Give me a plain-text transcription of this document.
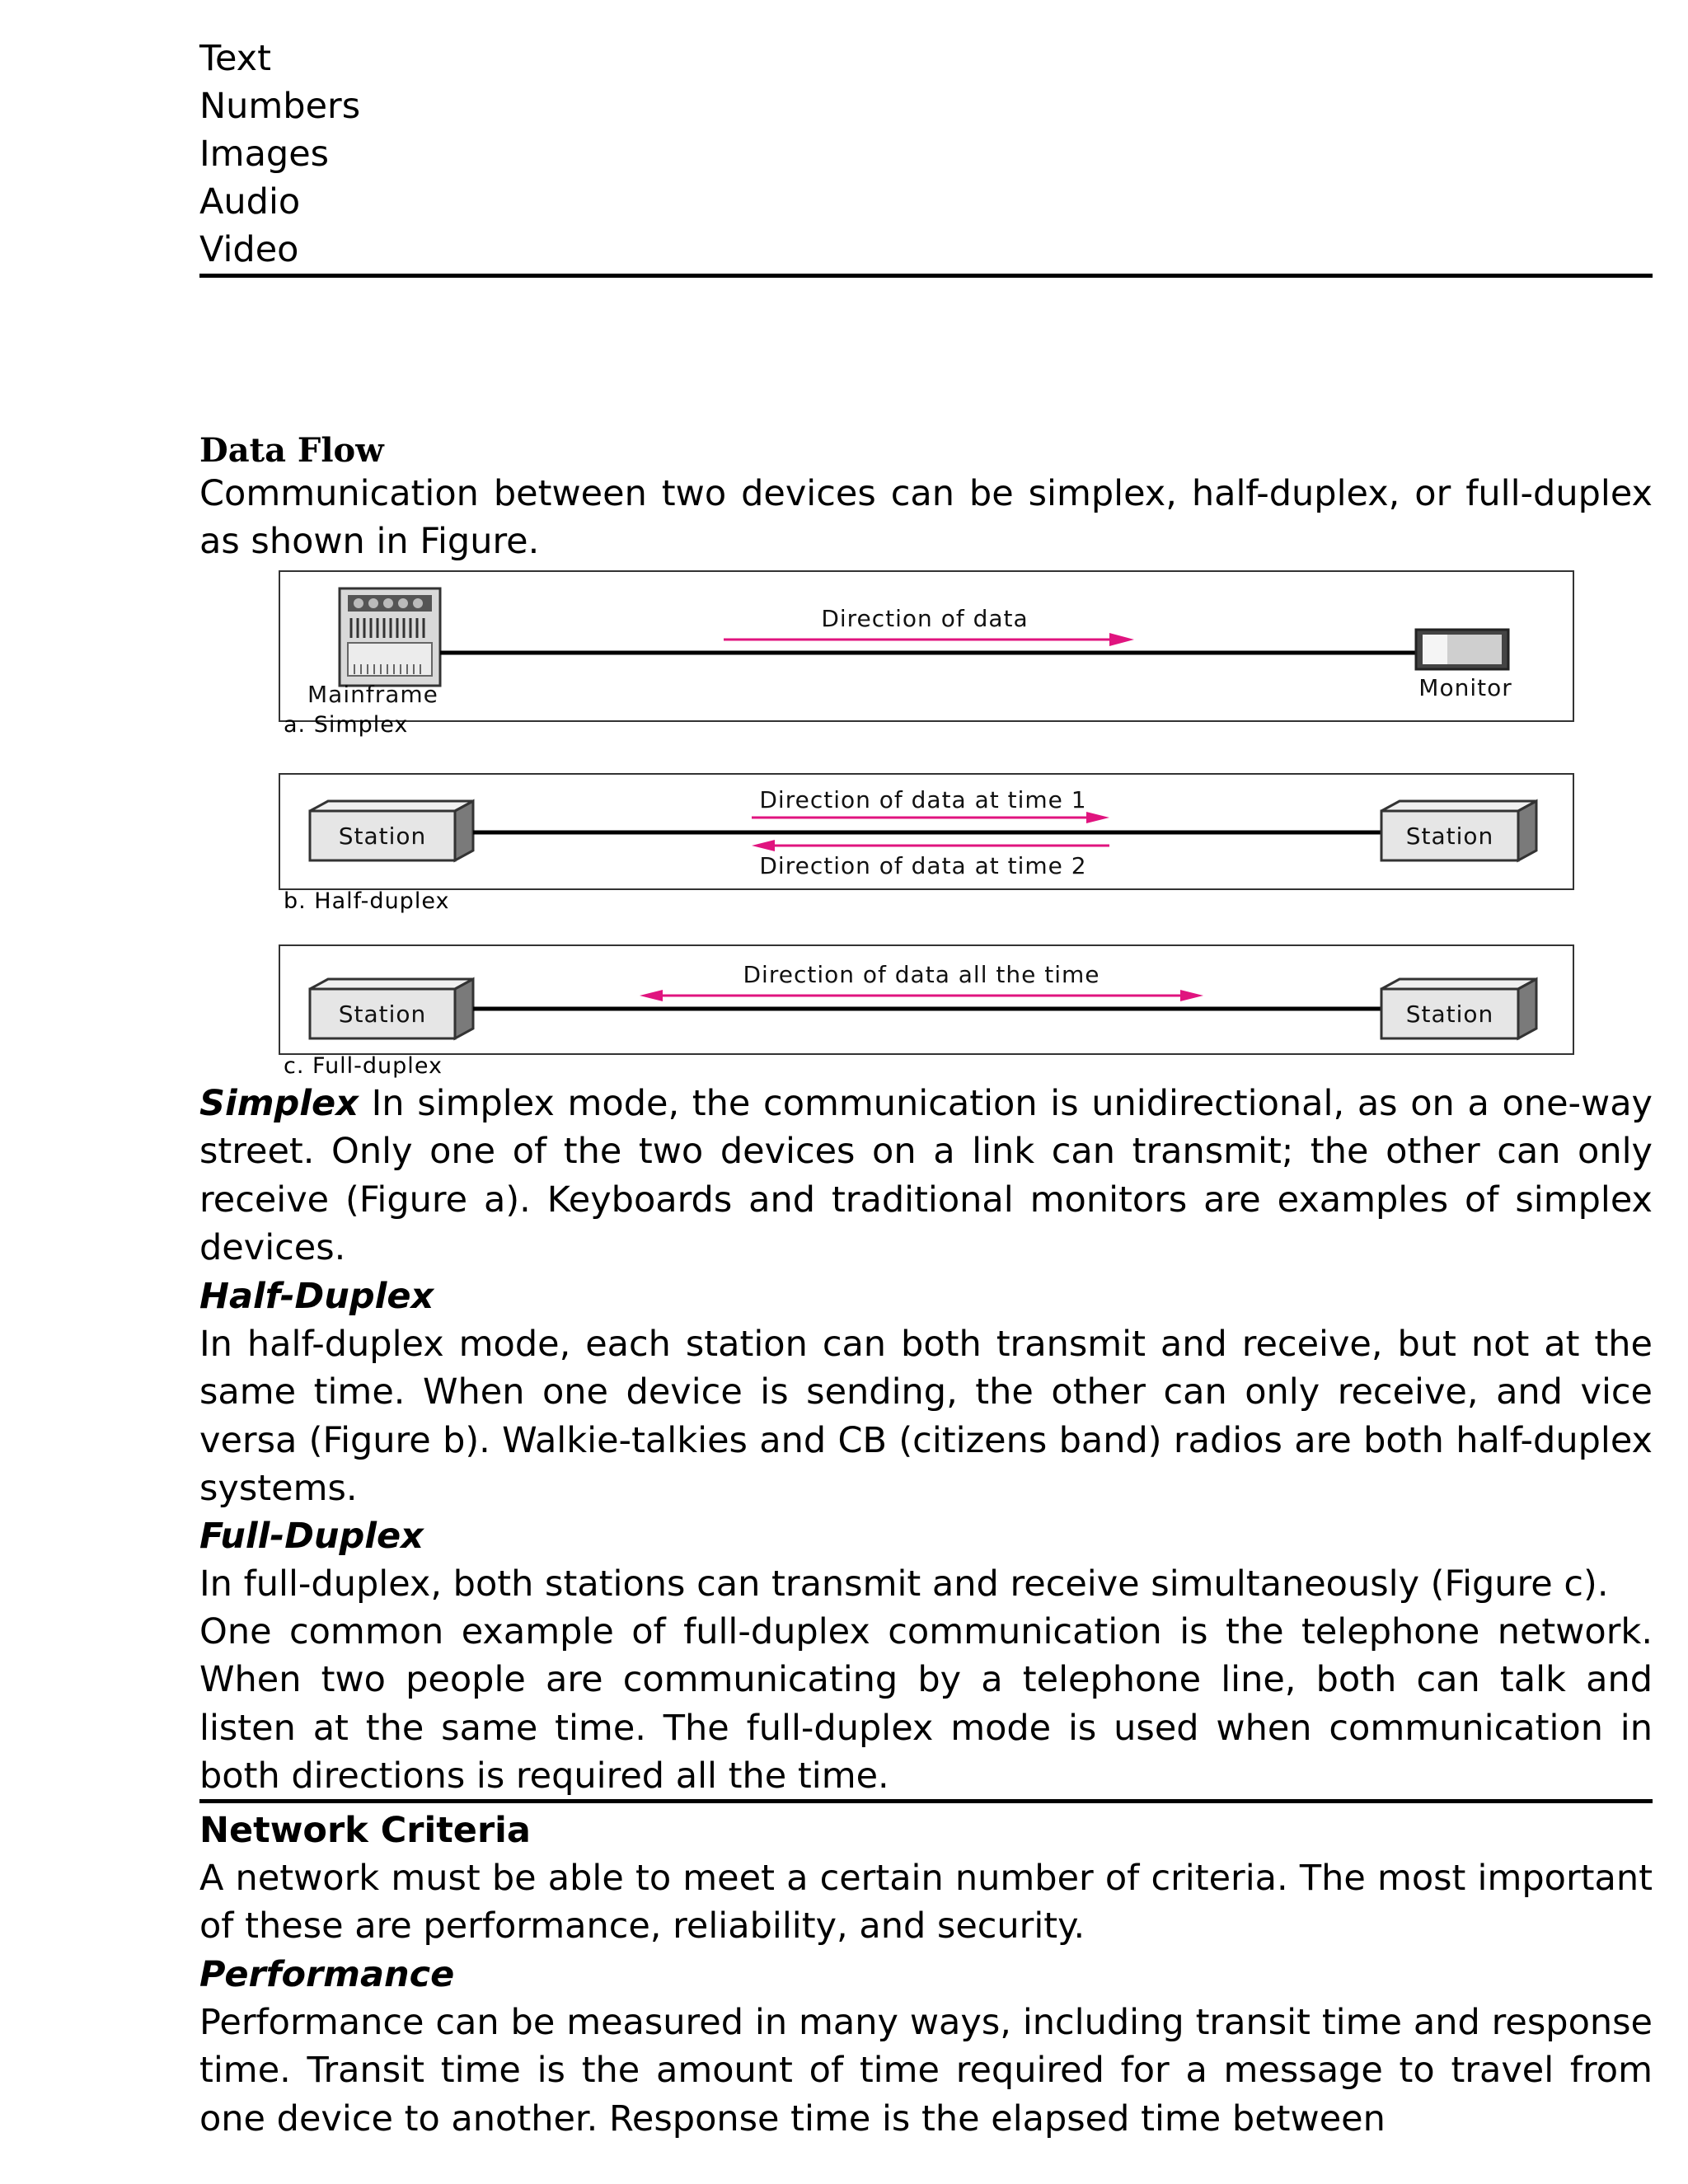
Text
Numbers
Images
Audio
Video
Data Flow
Communication between two devices can be simplex, half-duplex, or full-duplex as shown in Figure.
Direction of data
Mainframe	Monitor
a. Simplex
Station	Station
Direction of data at time 1
Direction of data at time 2
b. Half-duplex
Station	Station
Direction of data all the time
c. Full-duplex
Simplex In simplex mode, the communication is unidirectional, as on a one-way street. Only one of the two devices on a link can transmit; the other can only receive (Figure a). Keyboards and traditional monitors are examples of simplex devices.
Half-Duplex
In half-duplex mode, each station can both transmit and receive, but not at the same time. When one device is sending, the other can only receive, and vice versa (Figure b). Walkie-talkies and CB (citizens band) radios are both half-duplex systems.
Full-Duplex
In full-duplex, both stations can transmit and receive simultaneously (Figure c).
One common example of full-duplex communication is the telephone network. When two people are communicating by a telephone line, both can talk and listen at the same time. The full-duplex mode is used when communication in both directions is required all the time.
Network Criteria
A network must be able to meet a certain number of criteria. The most important of these are performance, reliability, and security.
Performance
Performance can be measured in many ways, including transit time and response time. Transit time is the amount of time required for a message to travel from one device to another. Response time is the elapsed time between
